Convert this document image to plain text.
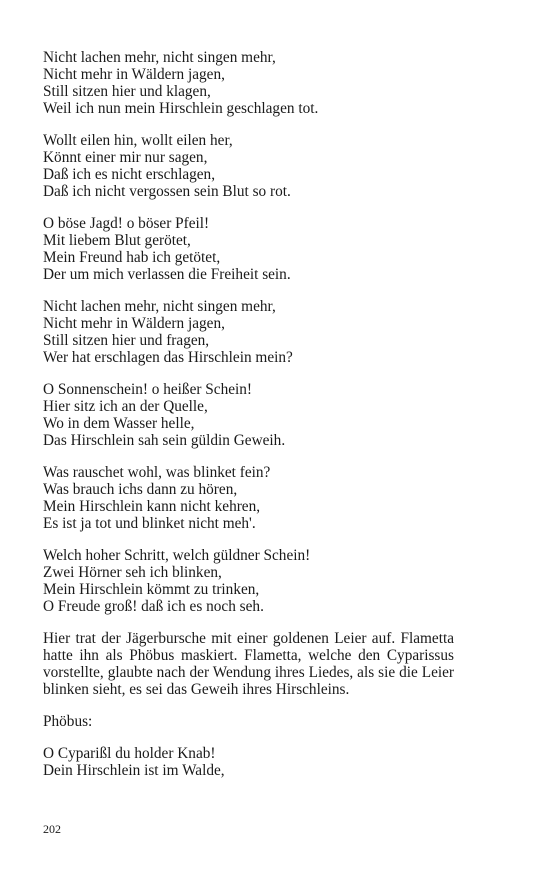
Nicht lachen mehr, nicht singen mehr,
Nicht mehr in Wäldern jagen,
Still sitzen hier und klagen,
Weil ich nun mein Hirschlein geschlagen tot.
Wollt eilen hin, wollt eilen her,
Könnt einer mir nur sagen,
Daß ich es nicht erschlagen,
Daß ich nicht vergossen sein Blut so rot.
O böse Jagd! o böser Pfeil!
Mit liebem Blut gerötet,
Mein Freund hab ich getötet,
Der um mich verlassen die Freiheit sein.
Nicht lachen mehr, nicht singen mehr,
Nicht mehr in Wäldern jagen,
Still sitzen hier und fragen,
Wer hat erschlagen das Hirschlein mein?
O Sonnenschein! o heißer Schein!
Hier sitz ich an der Quelle,
Wo in dem Wasser helle,
Das Hirschlein sah sein güldin Geweih.
Was rauschet wohl, was blinket fein?
Was brauch ichs dann zu hören,
Mein Hirschlein kann nicht kehren,
Es ist ja tot und blinket nicht meh'.
Welch hoher Schritt, welch güldner Schein!
Zwei Hörner seh ich blinken,
Mein Hirschlein kömmt zu trinken,
O Freude groß! daß ich es noch seh.

Hier trat der Jägerbursche mit einer goldenen Leier auf. Flametta hatte ihn als Phöbus maskiert. Flametta, welche den Cyparissus vorstellte, glaubte nach der Wendung ihres Liedes, als sie die Leier blinken sieht, es sei das Geweih ihres Hirschleins.

Phöbus:

O Cyparißl du holder Knab!
Dein Hirschlein ist im Walde,
202
